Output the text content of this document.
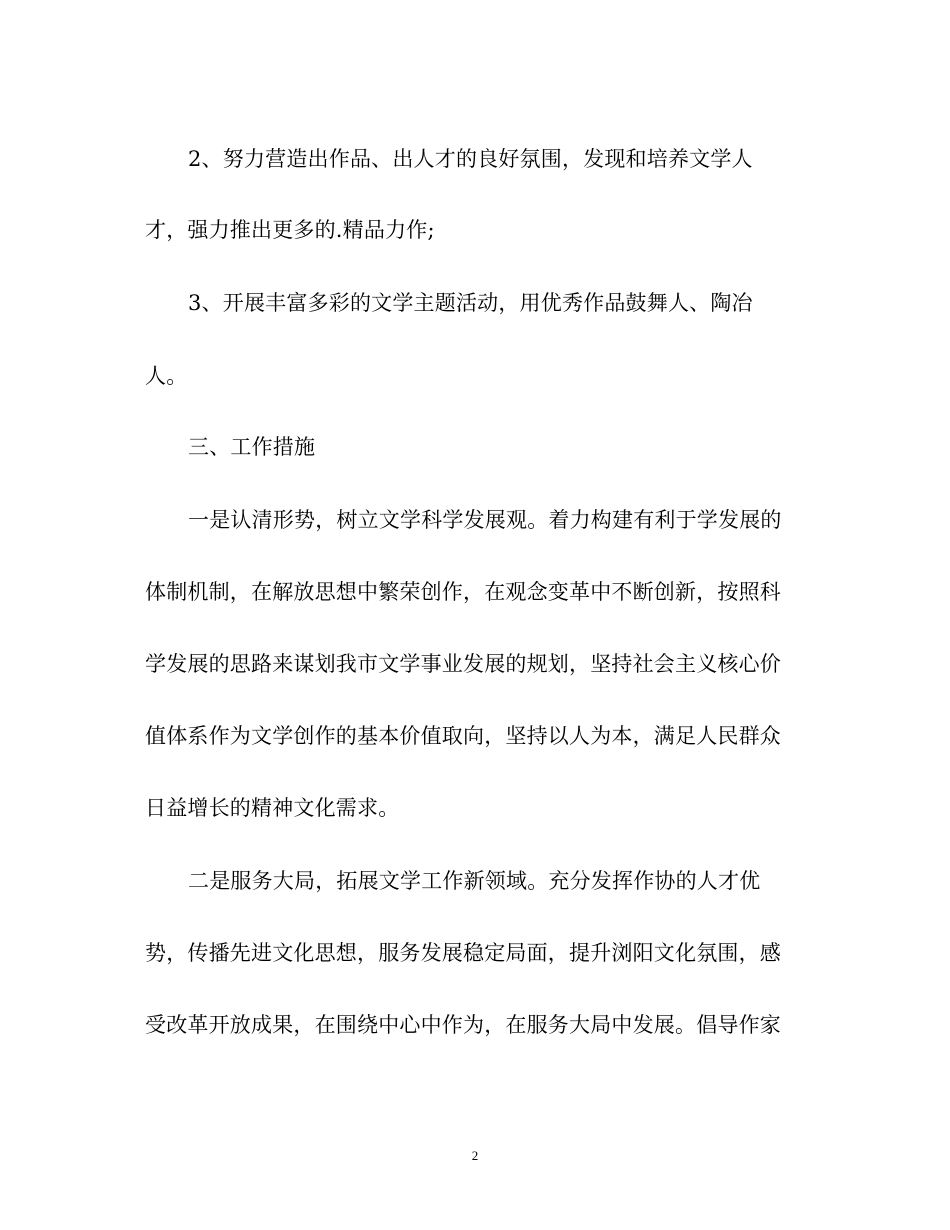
2、努力营造出作品、出人才的良好氛围，发现和培养文学人
才，强力推出更多的.精品力作;
3、开展丰富多彩的文学主题活动，用优秀作品鼓舞人、陶冶
人。
三、工作措施
一是认清形势，树立文学科学发展观。着力构建有利于学发展的
体制机制，在解放思想中繁荣创作，在观念变革中不断创新，按照科
学发展的思路来谋划我市文学事业发展的规划，坚持社会主义核心价
值体系作为文学创作的基本价值取向，坚持以人为本，满足人民群众
日益增长的精神文化需求。
二是服务大局，拓展文学工作新领域。充分发挥作协的人才优
势，传播先进文化思想，服务发展稳定局面，提升浏阳文化氛围，感
受改革开放成果，在围绕中心中作为，在服务大局中发展。倡导作家
2
